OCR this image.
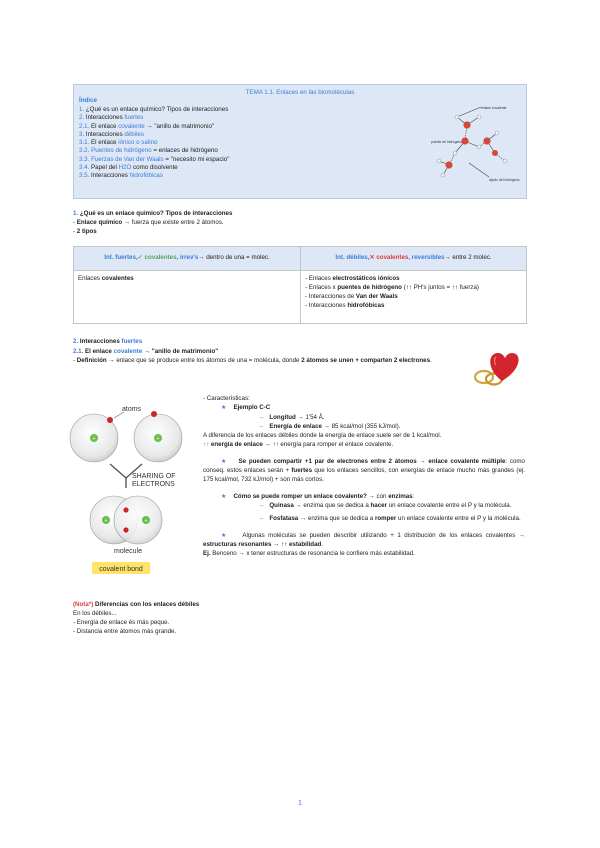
TEMA 1.1. Enlaces en las biomoléculas
Índice
1. ¿Qué es un enlace químico? Tipos de interacciones
2. Interacciones fuertes
2.1. El enlace covalente → "anillo de matrimonio"
3. Interacciones débiles
3.1. El enlace iónico o salino
3.2. Puentes de hidrógeno = enlaces de hidrógeno
3.3. Fuerzas de Van der Waals = "necesito mi espacio"
3.4. Papel del H2O como disolvente
3.5. Interacciones hidrofóbicas
enlace covalente
puente de hidrógeno
dipolo del hidrógeno
1. ¿Qué es un enlace químico? Tipos de interacciones
- Enlace químico → fuerza que existe entre 2 átomos.
- 2 tipos
Int. fuertes, ✓ covalentes , irrev's → dentro de una = molec.	Int. débiles, ✕ covalentes , reversibles → entre 2 molec.
Enlaces covalentes	- Enlaces electrostáticos iónicos
- Enlaces x puentes de hidrógeno (↑↑ PH's juntos = ↑↑ fuerza)
- Interacciones de Van der Waals
- Interacciones hidrofóbicas
2. Interacciones fuertes
2.1. El enlace covalente → "anillo de matrimonio"
- Definición → enlace que se produce entre los átomos de una = molécula, donde 2 átomos se unen + comparten 2 electrones.
+	+
atoms
SHARING OF
ELECTRONS
+	+
molecule
covalent bond
- Características:
★ Ejemplo C-C
→ Longitud → 1'54 Å.
→ Energía de enlace → 85 kcal/mol (355 kJ/mol).
A diferencia de los enlaces débiles donde la energía de enlace suele ser de 1 kcal/mol.
↑↑ energía de enlace → ↑↑ energía para romper el enlace covalente.
★ Se pueden compartir +1 par de electrones entre 2 átomos → enlace covalente múltiple: como conseq. estos enlaces serán + fuertes que los enlaces sencillos, con energías de enlace mucho más grandes (ej. 175 kcal/mol, 732 kJ/mol) + son más cortos.
★ Cómo se puede romper un enlace covalente? → con enzimas:
→ Quinasa → enzima que se dedica a hacer un enlace covalente entre el P y la molécula.
→ Fosfatasa → enzima que se dedica a romper un enlace covalente entre el P y la molécula.
★ Algunas moléculas se pueden describir utilizando + 1 distribución de los enlaces covalentes → estructuras resonantes → ↑↑ estabilidad.
Ej. Benceno → x tener estructuras de resonancia le confiere más estabilidad.
(Nota*) Diferencias con los enlaces débiles
En los débiles...
- Energía de enlace és más peque.
- Distancia entre átomos más grande.
1
